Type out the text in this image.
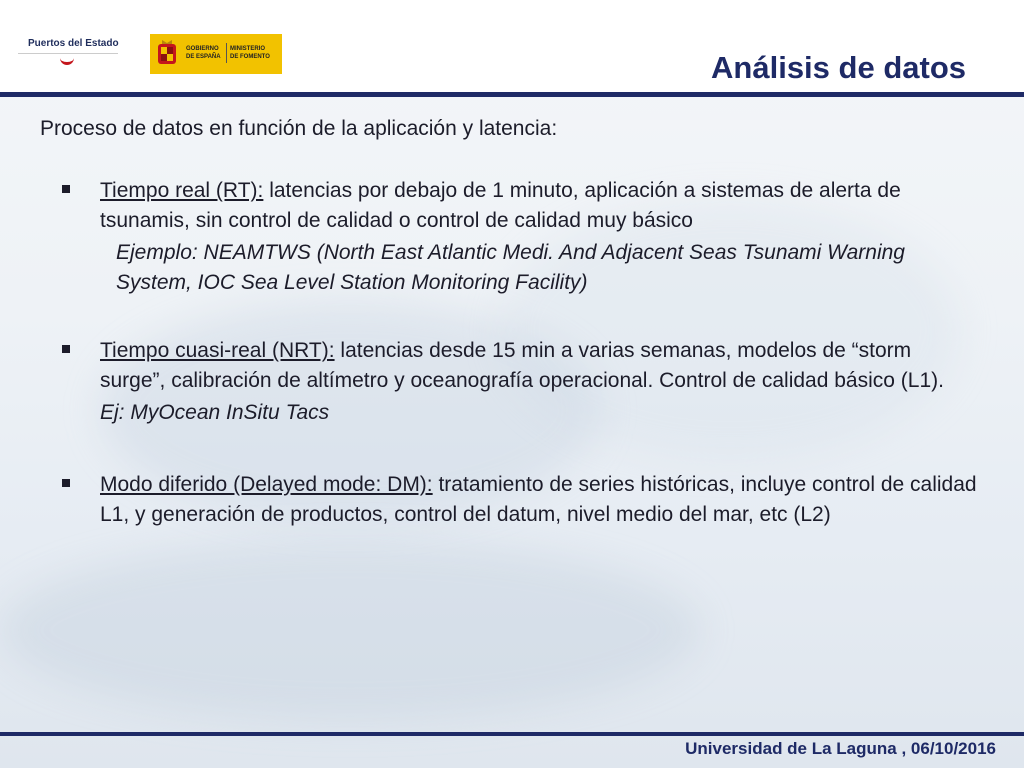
Puertos del Estado	GOBIERNO
DE ESPAÑA
MINISTERIO
DE FOMENTO	Análisis de datos
Proceso de datos en función de la aplicación y latencia:
Tiempo real (RT): latencias por debajo de 1 minuto, aplicación a sistemas de alerta de tsunamis, sin control de calidad o control de calidad muy básico
Ejemplo: NEAMTWS (North East Atlantic Medi. And Adjacent Seas Tsunami Warning System, IOC Sea Level Station Monitoring Facility)
Tiempo cuasi-real (NRT): latencias desde 15 min a varias semanas, modelos de “storm surge”, calibración de altímetro y oceanografía operacional. Control de calidad básico (L1).
Ej: MyOcean InSitu Tacs
Modo diferido (Delayed mode: DM): tratamiento de series históricas, incluye control de calidad L1, y generación de productos, control del datum, nivel medio del mar, etc (L2)
Universidad de La Laguna , 06/10/2016
